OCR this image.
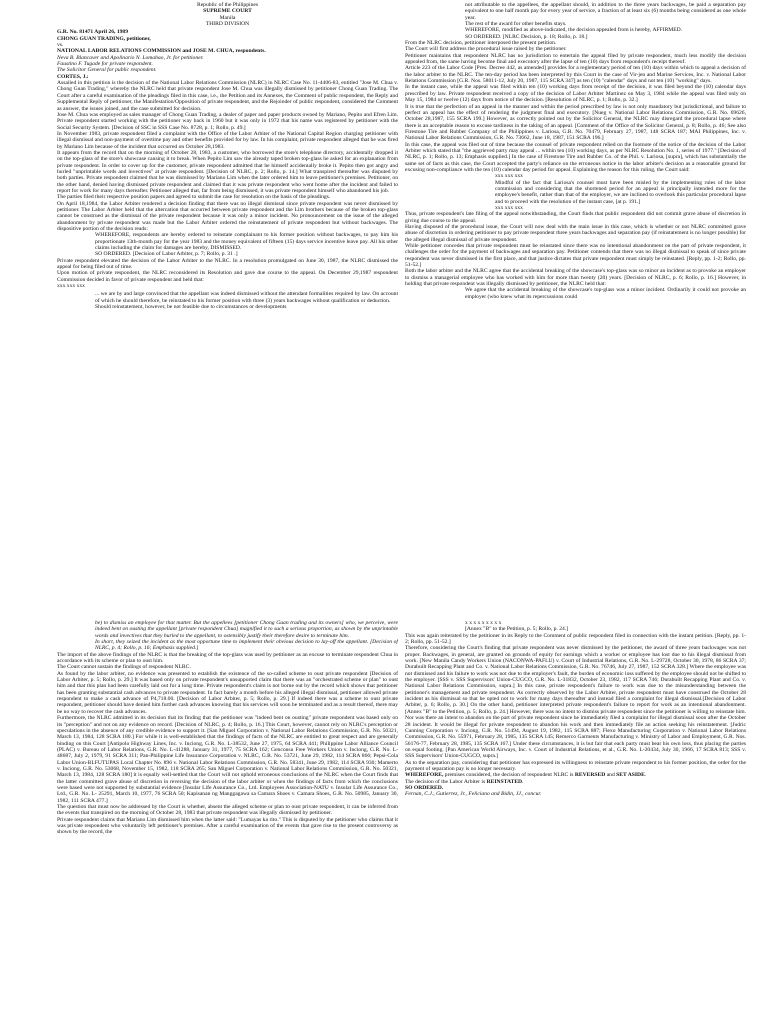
Republic of the Philippines

SUPREME COURT

Manila

THIRD DIVISION

G.R. No. 81471 April 26, 1989

CHONG GUAN TRADING, petitioner,

vs.

NATIONAL LABOR RELATIONS COMMISSION and JOSE M. CHUA, respondents.

Neva B. Blancaver and Apolinario N. Lomabao, Jr. for petitioner.

Faustino F. Tugade for private respondent.

The Solicitor General for public respondent.

CORTES, J.:

Assailed in this petition is the decision of the National Labor Relations Commission (NLRC) in NLRC Case No. 11-4406-83, entitled "Jose M. Chua v. Chong Guan Trading," whereby the NLRC held that private respondent Jose M. Chua was illegally dismissed by petitioner Chong Guan Trading. The Court after a careful examination of the pleadings filed in this case, i.e., the Petition and its Annexes, the Comment of public respondent, the Reply and Supplemental Reply of petitioner, the Manifestation/Opposition of private respondent, and the Rejoinder of public respondent, considered the Comment as answer, the issues joined, and the case submitted for decision.

Jose M. Chua was employed as sales manager of Chong Guan Trading, a dealer of paper and paper products owned by Mariano, Pepito and Efren Lim. Private respondent started working with the petitioner way back in 1960 but it was only in 1972 that his name was registered by petitioner with the Social Security System. [Decision of SSC in SSS Case No. 8728, p. 1; Rollo, p. 49.]

In November 1983, private respondent filed a complaint with the Office of the Labor Arbiter of the National Capital Region charging petitioner with illegal dismissal and non-payment of overtime pay and other benefits provided for by law. In his complaint, private respondent alleged that he was fired by Mariano Lim because of the incident that occurred on October 28,1983.

It appears from the record that on the morning of October 28, 1983, a customer, who borrowed the store's telephone directory, accidentally dropped it on the top-glass of the store's showcase causing it to break. When Pepito Lim saw the already taped broken top-glass he asked for an explanation from private respondent. In order to cover up for the customer, private respondent admitted that he himself accidentally broke it. Pepito then got angry and hurled "unprintable words and invectives" at private respondent. [Decision of NLRC, p. 2; Rollo, p. 14.] What transpired thereafter was disputed by both parties. Private respondent claimed that he was dismissed by Mariano Lim when the later ordered him to leave petitioner's premises. Petitioner, on the other hand, denied having dismissed private respondent and claimed that it was private respondent who went home after the incident and failed to report for work for many days thereafter. Petitioner alleged that, far from being dismissed, it was private respondent himself who abandoned his job.

The parties filed their respective position papers and agreed to submit the case for resolution on the basis of the pleadings.

On April 18,1984, the Labor Arbiter rendered a decision finding that there was no illegal dismissal since private respondent was never dismissed by petitioner. The Labor Arbiter held that the altercation that occurred between private respondent and the Lim brothers because of the broken top-glass cannot be construed as the dismissal of the private respondent because it was only a minor incident. No pronouncement on the issue of the alleged abandonment by private respondent was made but the Labor Arbiter ordered the reinstatement of private respondent but without backwages. The dispositive portion of the decision reads:

WHEREFORE, respondents are hereby ordered to reinstate complainant to his former position without backwages, to pay him his proportionate 13th-month pay for the year 1983 and the money equivalent of fifteen (15) days service incentive leave pay. All his other claims including the claim for damages are hereby, DISMISSED.

SO ORDERED. [Decision of Labor Arbiter, p. 7; Rollo, p. 31 .]

Private respondent elevated the decision of the Labor Arbiter to the NLRC. In a resolution promulgated on June 30, 1987, the NLRC dismissed the appeal for being filed out of time.

Upon motion of private respondent, the NLRC reconsidered its Resolution and gave due course to the appeal. On December 29,1987 respondent Commission decided in favor of private respondent and held that:

xxx xxx xxx

... we are by and large convinced that the appellant was indeed dismissed without the attendant formalities required by law. On account of which he should therefore, be reinstated to his former position with three (3) years backwages without qualification or deduction.

Should reinstatement, however, be not feasible due to circumstances or developments

not attributable to the appellees, the appellant should, in addition to the three years backwages, be paid a separation pay equivalent to one half month pay for every year of service, a fraction of at least six (6) months being considered as one whole year.

The rest of the award for other benefits stays.

WHEREFORE, modified as above-indicated, the decision appealed from is hereby, AFFIRMED.

SO ORDERED. [NLRC Decision, p. 18; Rollo, p. 18.]

From the NLRC decision, petitioner interposed the present petition.

The Court will first address the procedural issue raised by the petitioner.

Petitioner maintains that respondent NLRC has no jurisdiction to entertain the appeal filed by private respondent, much less modify the decision appealed from, the same having become final and executory after the lapse of ten (10) days from respondent's receipt thereof.

Article 223 of the Labor Code [Pres. Decree 442, as amended] provides for a reglementary period of ten (10) days within which to appeal a decision of the labor arbiter to the NLRC. The ten-day period has been interpreted by this Court in the case of Vir-jen and Marine Services, Inc. v. National Labor Relations Commission [G.R. Nos. 58011-12, July 20, 1987, 115 SCRA 347] as ten (10) "calendar" days and not ten (10) "working" days.

In the instant case, while the appeal was filed within ten (10) working days from receipt of the decision, it was filed beyond the (10) calendar days prescribed by law. Private respondent received a copy of the decision of Labor Arbiter Martinez on May 3, 1984 while the appeal was filed only on May 15, 1984 or twelve (12) days from notice of the decision. [Resolution of NLRC, p. 1; Rollo, p. 32.]

It is true that the perfection of an appeal in the manner and within the period prescribed by law is not only mandatory but jurisdictional, and failure to perfect an appeal has the effect of rendering the judgment final and executory. [Nueg v. National Labor Relations Commission, G.R. No. 69626, October 28,1987, 155 SCRA 199.] However, as correctly pointed out by the Solicitor General, the NLRC may disregard the procedural lapse where there is an acceptable reason to excuse tardiness in the taking of an appeal. [Comment of the Office of the Solicitor General, p. 8; Rollo, p. 46; See also Firestone Tire and Rubber Company of the Philippines v. Lariosa, G.R. No. 70479, February 27, 1987, 148 SCRA 187; MAI Philippines, Inc. v. National Labor Relations Commission, G.R. No. 73662, June 18, 1987, 151 SCRA 196.]

In this case, the appeal was filed out of time because the counsel of private respondent relied on the footnote of the notice of the decision of the Labor Arbiter which stated that "the aggrieved party may appeal ... within ten (10) working days, as per NLRC Resolution No. 1, series of 1977." [Decision of NLRC, p. 1; Rollo, p. 13; Emphasis supplied.] In the case of Firestone Tire and Rubber Co. of the Phil. v. Lariosa, [supra], which has substantially the same set of facts as this case, the Court accepted the party's reliance on the erroneous notice in the labor arbiter's decision as a reasonable ground for excusing non-compliance with the ten (10) calendar day period for appeal. Explaining the reason for this ruling, the Court said:

xxx xxx xxx

Mindful of the fact that Lariosa's counsel must have been misled by the implementing rules of the labor commission and considering that the shortened period for an appeal is principally intended more for the employee's benefit, rather than that of the employer, we are inclined to overlook this particular procedural lapse and to proceed with the resolution of the instant case, [at p. 191.]

xxx xxx xxx

Thus, private respondent's late filing of the appeal notwithstanding, the Court finds that public respondent did not commit grave abuse of discretion in giving due course to the appeal.

Having disposed of the procedural issue, the Court will now deal with the main issue in this case, which is whether or not NLRC committed grave abuse of discretion in ordering petitioner to pay private respondent three years backwages and separation pay (if reinstatement is no longer possible) for the alleged illegal dismissal of private respondent.

While petitioner concedes that private respondent must be reinstated since there was no intentional abandonment on the part of private respondent, it challenges the order for the payment of backwages and separation pay. Petitioner contends that there was no illegal dismissal to speak of since private respondent was never dismissed in the first place, and that justice dictates that private respondent must simply be reinstated. [Reply, pp. 1-2; Rollo, pp. 51-52.]

Both the labor arbiter and the NLRC agree that the accidental breaking of the showcase's top-glass was so minor an incident as to provoke an employer to dismiss a managerial employee who has worked with him for more than twenty (20) years. [Decision of NLRC, p. 6; Rollo, p. 16.] However, in holding that private respondent was illegally dismissed by petitioner, the NLRC held that:

We agree that the accidental breaking of the showcase's top-glass was a minor incident. Ordinarily it could not provoke an employer (who knew what its repercussions could

be) to dismiss an employee for that matter. But the appellees [petitioner Chong Guan trading and its owners] who, we perceive, were indeed bent on ousting the appellant [private respondent Chua] magnified it to such a serious proportion, as shown by the unprintable words and invectives that they hurled to the appellant, to ostensibly justify their therefore desire to terminate him.

In short, they seized the incident as the most opportune time to implement their obvious decision to lay-off the appellant. [Decision of NLRC, p. 4; Rollo, p. 16; Emphasis supplied.]

The import of the above findings of the NLRC is that the breaking of the top-glass was used by petitioner as an excuse to terminate respondent Chua in accordance with its scheme or plan to oust him.

The Court cannot sustain the findings of respondent NLRC.

As found by the labor arbiter, no evidence was presented to establish the existence of the so-called scheme to oust private respondent [Decision of Labor Arbiter, p. 5; Rollo, p. 29.] It was based only on private respondent's unsupported claim that there was an "orchestrated scheme or plan" to oust him and that this plan had been carefully laid out for a long time. Private respondent's claim is not borne out by the record which shows that petitioner has been granting substantial cash advances to private respondent. In fact barely a month before his alleged illegal dismissal, petitioner allowed private respondent to make a cash advance of P4,718.00. [Decision of Labor Arbiter, p. 5; Rollo, p. 29.] If indeed there was a scheme to oust private respondent, petitioner should have denied him further cash advances knowing that his services will soon be terminated and as a result thereof, there may be no way to recover the cash advances.

Furthermore, the NLRC admitted in its decision that its finding that the petitioner was "indeed bent on ousting" private respondent was based only on its "perception" and not on any evidence on record. [Decision of NLRC, p. 4; Rollo, p. 16.] This Court, however, cannot rely on NLRC's perception or speculations in the absence of any credible evidence to support it. [San Miguel Corporation v. National Labor Relations Commission, G.R. No. 50321, March 13, 1984, 128 SCRA 180.] For while it is well-established that the findings of facts of the NLRC are entitled to great respect and are generally binding on this Court [Antipolo Highway Lines, Inc. v. Inciong, G.R. No. L-38532, June 27, 1975, 64 SCRA 441; Philippine Labor Alliance Council (PLAC) v. Bureau of Labor Relations, G.R. No. L-41288, January 31, 1977, 75 SCRA 162; Genconsu Free Workers Union v. Inciong, G.R. No. L-48687, July 2, 1979, 91 SCRA 311; Pan-Philippine Life Insurance Corporation v. NLRC, G.R. No. 53721, June 29, 1982, 114 SCRA 866; Pepsi-Cola Labor Union-BLFUTUPAS Local Chapter No. 896 v. National Labor Relations Commission, G.R. No. 58341, June 29, 1982, 114 SCRA 930; Mamerto v. Inciong, G.R. No. 53068, November 15, 1982, 118 SCRA 265; San Miguel Corporation v. National Labor Relations Commission, G.R. No. 50321, March 13, 1984, 128 SCRA 180] it is equally well-settled that the Court will not uphold erroneous conclusions of the NLRC when the Court finds that the latter committed grave abuse of discretion in reversing the decision of the labor arbiter or when the findings of facts from which the conclusions were based were not supported by substantial evidence [Insular Life Assurance Co., Ltd. Employees Association-NATU v. Insular Life Assurance Co., Ltd., G.R. No. L- 25291, March 10, 1977, 76 SCRA 50; Kapisanan ng Manggagawa sa Camara Shoes v. Camara Shoes, G.R. No. 50985, January 30, 1982, 111 SCRA 477.]

The question that must now be addressed by the Court is whether, absent the alleged scheme or plan to oust private respondent, it can be inferred from the events that transpired on the morning of October 28, 1983 that private respondent was illegally dismissed by petitioner.

Private respondent claims that Mariano Lim dismissed him when the latter said: "Lumayas ka rito." This is disputed by the petitioner who claims that it was private respondent who voluntarily left petitioner's premises. After a careful examination of the events that gave rise to the present controversy as shown by the record, the

x x x x x x x x x

[Annex "B" to the Petition, p. 5; Rollo, p. 24.]

This was again reiterated by the petitioner in its Reply to the Comment of public respondent filed in connection with the instant petition. [Reply, pp. 1- 2; Rollo, pp. 51-52.]

Therefore, considering the Court's finding that private respondent was never dismissed by the petitioner, the award of three years backwages was not proper. Backwages, in general, are granted on grounds of equity for earnings which a worker or employee has lost due to his illegal dismissal from work. [New Manila Candy Workers Union (NACONWA-PAFLU) v. Court of Industrial Relations, G.R. No. L-29728, October 30, 1978, 86 SCRA 37; Durabuilt Recapping Plant and Co. v. National Labor Relations Commission, G.R. No. 76746, July 27, 1987, 152 SCRA 328.] Where the employee was not dismissed and his failure to work was not due to the employer's fault, the burden of economic loss suffered by the employee should not be shifted to the employer. [SSS v. SSS Supervisors' Union-CUGCO, G.R. No. L-31832, October 23, 1982, 117 SCRA 746; Durabuilt Recapping Plant and Co. v. National Labor Relations Commission, supra.] In this case, private respondent's failure to work was due to the misunderstanding between the petitioner's management and private respondent. As correctly observed by the Labor Arbiter, private respondent must have construed the October 28 incident as his dismissal so that he opted not to work for many days thereafter and instead filed a complaint for illegal dismissal.[Decision of Labor Arbiter, p. 6; Rollo, p. 30.] On the other hand, petitioner interpreted private respondent's failure to report for work as an intentional abandonment. [Annex "B" to the Petition, p. 5; Rollo, p. 24.] However, there was no intent to dismiss private respondent since the petitioner is willing to reinstate him. Nor was there an intent to abandon on the part of private respondent since he immediately filed a complaint for illegal dismissal soon after the October 28 incident. It would be illegal for private respondent to abandon his work and then immediately file an action seeking his reinstatement. [Judric Canning Corporation v. Inciong, G.R. No. 51494, August 19, 1982, 115 SCRA 887; Flexo Manufacturing Corporation v. National Labor Relations Commission, G.R. No. 55971, February 28, 1985, 135 SCRA 145; Remerco Garments Manufacturing v. Ministry of Labor and Employment, G.R. Nos. 56176-77, February 28, 1985, 135 SCRA 167.] Under these circumstances, it is but fair that each party must bear his own loss, thus placing the parties on equal footing. [Pan American World Airways, Inc. v. Court of Industrial Relations, et al., G.R. No. L-20434, July 30, 1966, 17 SCRA 813; SSS v. SSS Supervisors' Union-CUGCO, supra.]

As to the separation pay, considering that petitioner has expressed its willingness to reinstate private respondent to his former position, the order for the payment of separation pay is no longer necessary.

WHEREFORE, premises considered, the decision of respondent NLRC is REVERSED and SET ASIDE.

The decision of the Labor Arbiter is REINSTATED.

SO ORDERED.

Fernan, C.J., Gutierrez, Jr., Feliciano and Bidin, JJ., concur.
